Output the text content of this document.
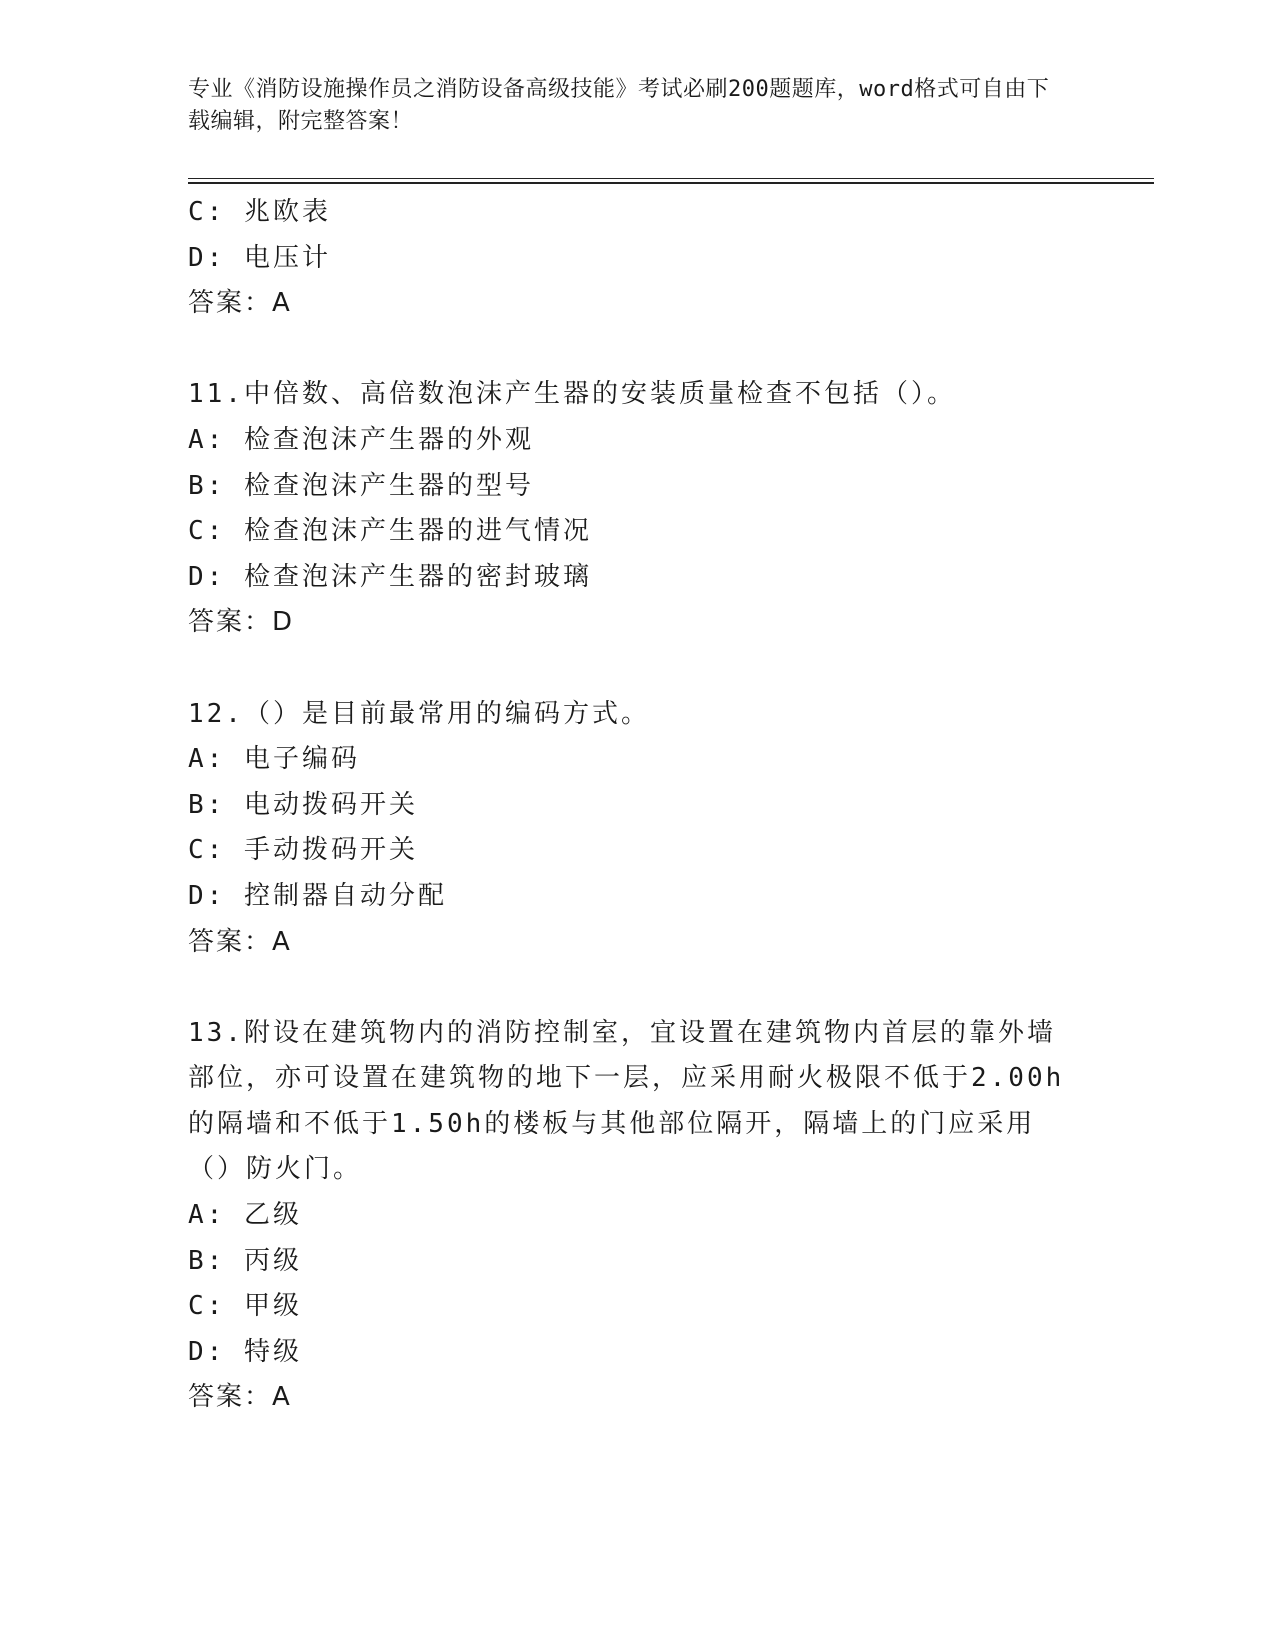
专业《消防设施操作员之消防设备高级技能》考试必刷200题题库，word格式可自由下载编辑，附完整答案！
C: 兆欧表
D: 电压计
答案：A
11.中倍数、高倍数泡沫产生器的安装质量检查不包括（）。
A: 检查泡沫产生器的外观
B: 检查泡沫产生器的型号
C: 检查泡沫产生器的进气情况
D: 检查泡沫产生器的密封玻璃
答案：D
12.（）是目前最常用的编码方式。
A: 电子编码
B: 电动拨码开关
C: 手动拨码开关
D: 控制器自动分配
答案：A
13.附设在建筑物内的消防控制室，宜设置在建筑物内首层的靠外墙部位，亦可设置在建筑物的地下一层，应采用耐火极限不低于2.00h的隔墙和不低于1.50h的楼板与其他部位隔开，隔墙上的门应采用（）防火门。
A: 乙级
B: 丙级
C: 甲级
D: 特级
答案：A
